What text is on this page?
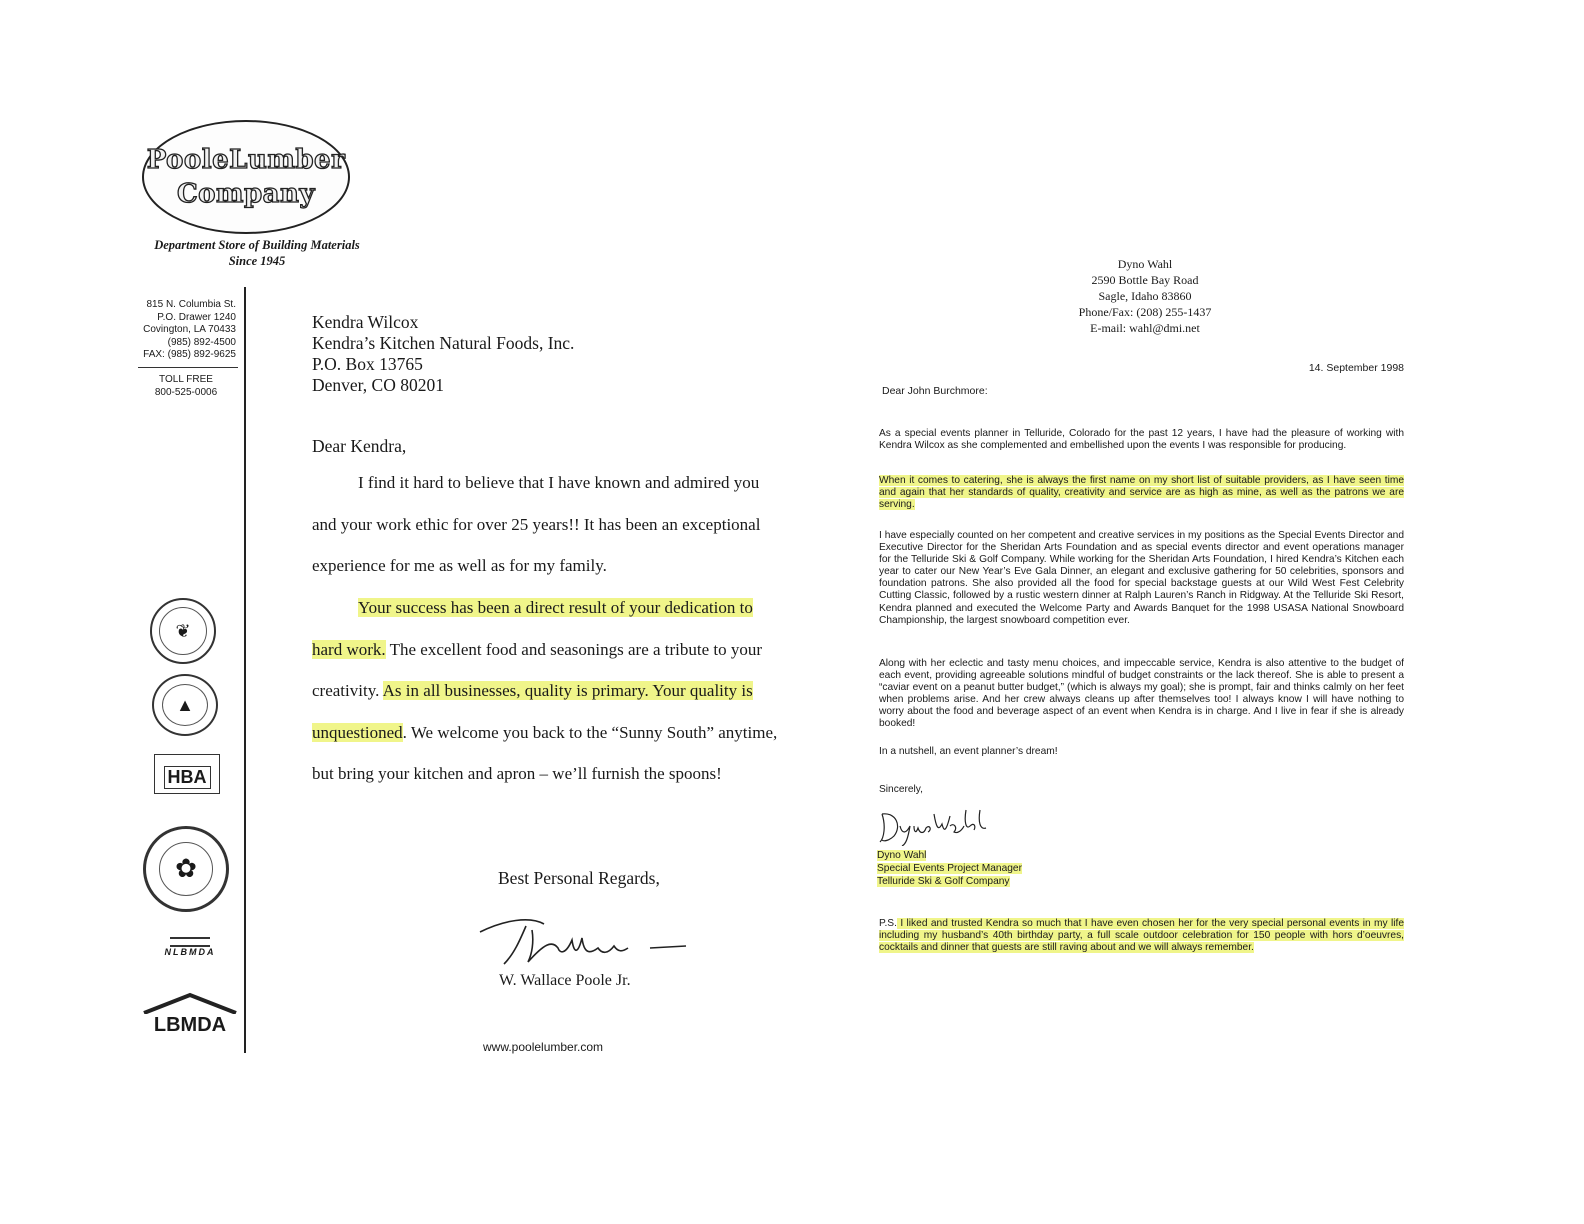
PooleLumber
Company
Department Store of Building Materials
Since 1945
815 N. Columbia St.
P.O. Drawer 1240
Covington, LA 70433
(985) 892-4500
FAX: (985) 892-9625
TOLL FREE
800-525-0006
❦
▲
HBA
✿
NLBMDA
LBMDA
Kendra Wilcox
Kendra’s Kitchen Natural Foods, Inc.
P.O. Box 13765
Denver, CO 80201
Dear Kendra,
I find it hard to believe that I have known and admired you and your work ethic for over 25 years!! It has been an exceptional experience for me as well as for my family.
Your success has been a direct result of your dedication to hard work. The excellent food and seasonings are a tribute to your creativity. As in all businesses, quality is primary. Your quality is unquestioned. We welcome you back to the “Sunny South” anytime, but bring your kitchen and apron – we’ll furnish the spoons!
Best Personal Regards,
W. Wallace Poole Jr.
www.poolelumber.com
Dyno Wahl
2590 Bottle Bay Road
Sagle, Idaho 83860
Phone/Fax: (208) 255-1437
E-mail: wahl@dmi.net
14. September 1998
Dear John Burchmore:
As a special events planner in Telluride, Colorado for the past 12 years, I have had the pleasure of working with Kendra Wilcox as she complemented and embellished upon the events I was responsible for producing.
When it comes to catering, she is always the first name on my short list of suitable providers, as I have seen time and again that her standards of quality, creativity and service are as high as mine, as well as the patrons we are serving.
I have especially counted on her competent and creative services in my positions as the Special Events Director and Executive Director for the Sheridan Arts Foundation and as special events director and event operations manager for the Telluride Ski & Golf Company. While working for the Sheridan Arts Foundation, I hired Kendra’s Kitchen each year to cater our New Year’s Eve Gala Dinner, an elegant and exclusive gathering for 50 celebrities, sponsors and foundation patrons. She also provided all the food for special backstage guests at our Wild West Fest Celebrity Cutting Classic, followed by a rustic western dinner at Ralph Lauren’s Ranch in Ridgway. At the Telluride Ski Resort, Kendra planned and executed the Welcome Party and Awards Banquet for the 1998 USASA National Snowboard Championship, the largest snowboard competition ever.
Along with her eclectic and tasty menu choices, and impeccable service, Kendra is also attentive to the budget of each event, providing agreeable solutions mindful of budget constraints or the lack thereof. She is able to present a “caviar event on a peanut butter budget,” (which is always my goal); she is prompt, fair and thinks calmly on her feet when problems arise. And her crew always cleans up after themselves too! I always know I will have nothing to worry about the food and beverage aspect of an event when Kendra is in charge. And I live in fear if she is already booked!
In a nutshell, an event planner’s dream!
Sincerely,
Dyno Wahl
Special Events Project Manager
Telluride Ski & Golf Company
P.S. I liked and trusted Kendra so much that I have even chosen her for the very special personal events in my life including my husband’s 40th birthday party, a full scale outdoor celebration for 150 people with hors d’oeuvres, cocktails and dinner that guests are still raving about and we will always remember.
